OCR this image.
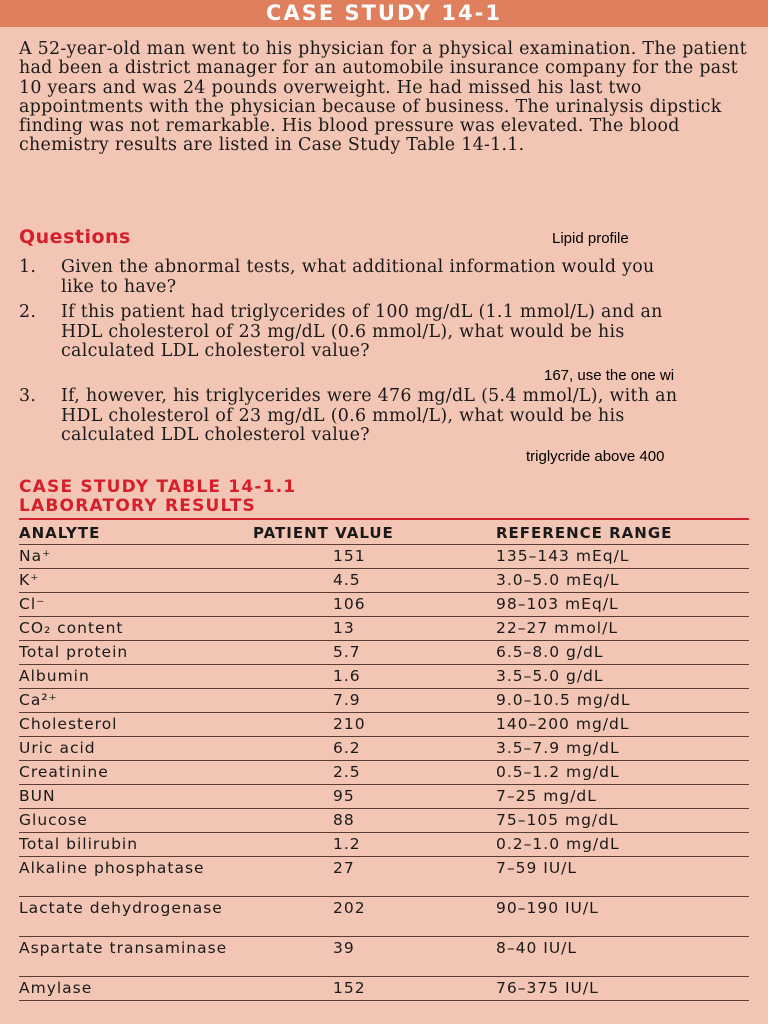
CASE STUDY 14-1

A 52-year-old man went to his physician for a physical examination. The patient had been a district manager for an automobile insurance company for the past 10 years and was 24 pounds overweight. He had missed his last two appointments with the physician because of business. The urinalysis dipstick finding was not remarkable. His blood pressure was elevated. The blood chemistry results are listed in Case Study Table 14-1.1.

Questions	Lipid profile
1.	Given the abnormal tests, what additional information would you like to have?
2.	If this patient had triglycerides of 100 mg/dL (1.1 mmol/L) and an HDL cholesterol of 23 mg/dL (0.6 mmol/L), what would be his calculated LDL cholesterol value?
167, use the one wi
3.	If, however, his triglycerides were 476 mg/dL (5.4 mmol/L), with an HDL cholesterol of 23 mg/dL (0.6 mmol/L), what would be his calculated LDL cholesterol value?
triglycride above 400
CASE STUDY TABLE 14-1.1
LABORATORY RESULTS
ANALYTE	PATIENT VALUE	REFERENCE RANGE
Na⁺	151	135–143 mEq/L
K⁺	4.5	3.0–5.0 mEq/L
Cl⁻	106	98–103 mEq/L
CO₂ content	13	22–27 mmol/L
Total protein	5.7	6.5–8.0 g/dL
Albumin	1.6	3.5–5.0 g/dL
Ca²⁺	7.9	9.0–10.5 mg/dL
Cholesterol	210	140–200 mg/dL
Uric acid	6.2	3.5–7.9 mg/dL
Creatinine	2.5	0.5–1.2 mg/dL
BUN	95	7–25 mg/dL
Glucose	88	75–105 mg/dL
Total bilirubin	1.2	0.2–1.0 mg/dL
Alkaline phosphatase	27	7–59 IU/L
Lactate dehydrogenase	202	90–190 IU/L
Aspartate transaminase	39	8–40 IU/L
Amylase	152	76–375 IU/L
